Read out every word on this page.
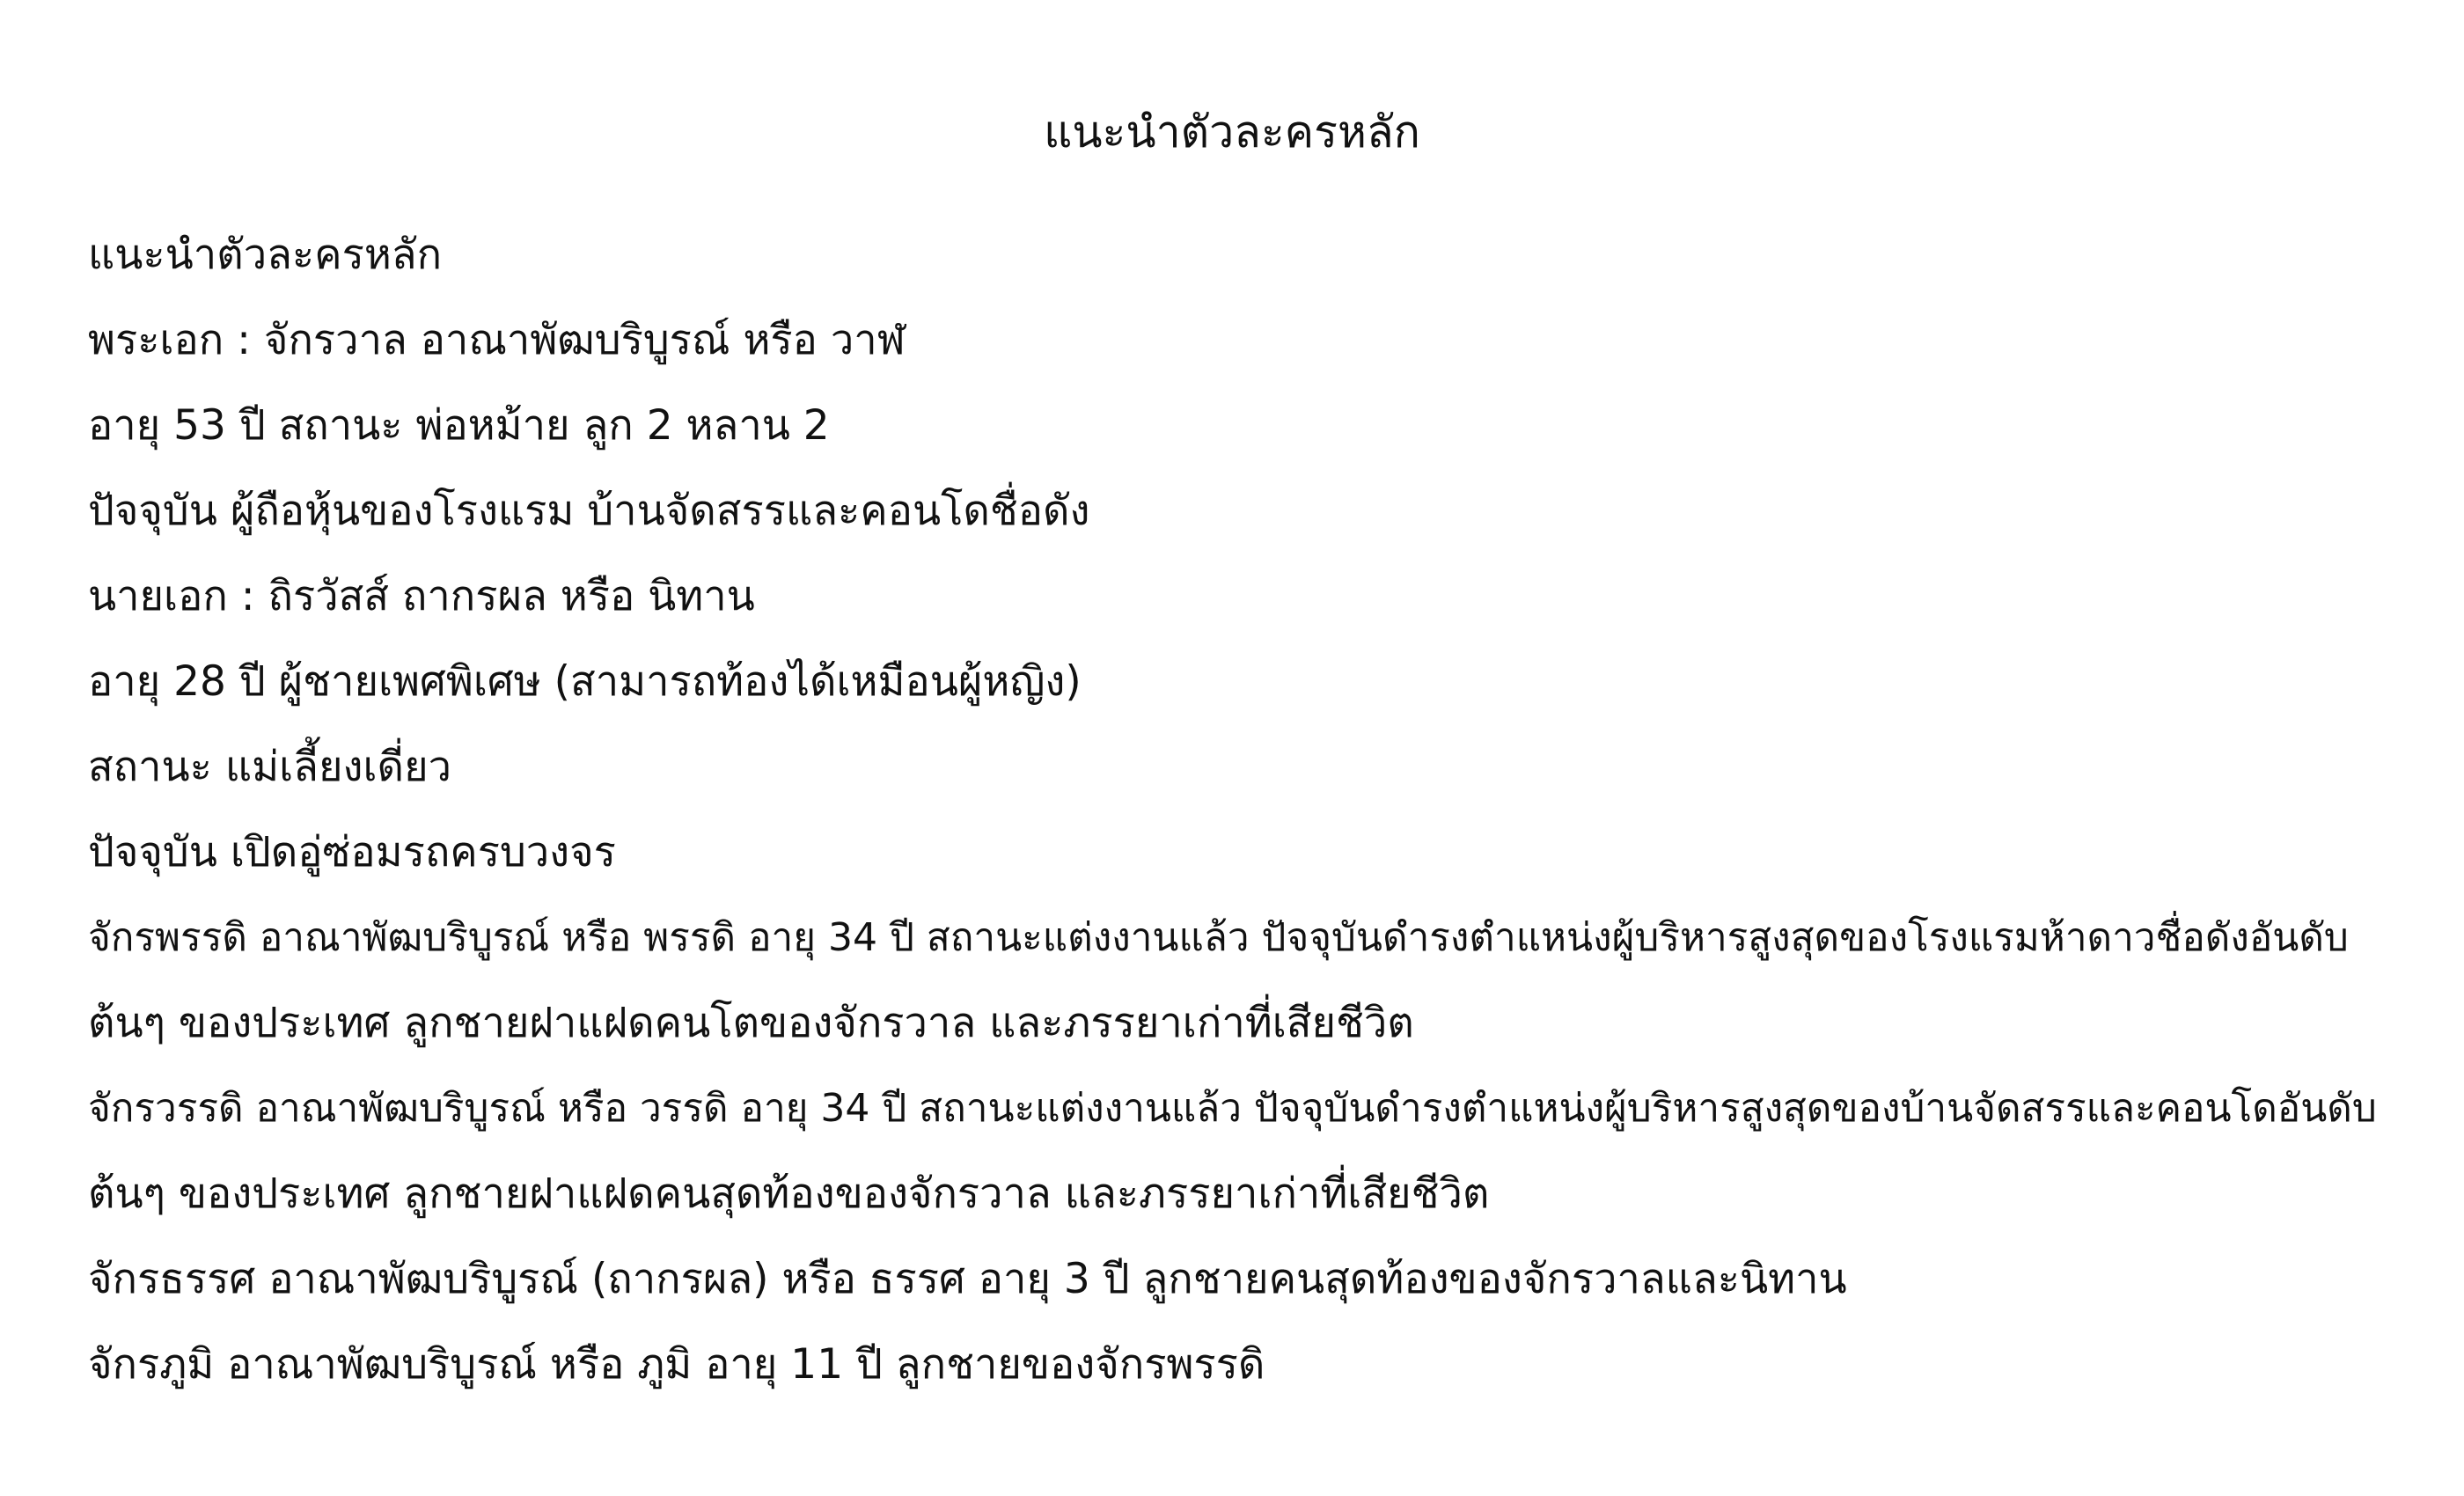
แนะนำตัวละครหลัก

แนะนำตัวละครหลัก

พระเอก : จักรวาล อาณาพัฒบริบูรณ์ หรือ วาฬ

อายุ 53 ปี สถานะ พ่อหม้าย ลูก 2 หลาน 2

ปัจจุบัน ผู้ถือหุ้นของโรงแรม บ้านจัดสรรและคอนโดชื่อดัง

นายเอก : ถิรวัสส์ ถากรผล หรือ นิทาน

อายุ 28 ปี ผู้ชายเพศพิเศษ (สามารถท้องได้เหมือนผู้หญิง)

สถานะ แม่เลี้ยงเดี่ยว

ปัจจุบัน เปิดอู่ซ่อมรถครบวงจร

จักรพรรดิ อาณาพัฒบริบูรณ์ หรือ พรรดิ อายุ 34 ปี สถานะแต่งงานแล้ว ปัจจุบันดำรงตำแหน่งผู้บริหารสูงสุดของโรงแรมห้าดาวชื่อดังอันดับ

ต้นๆ ของประเทศ ลูกชายฝาแฝดคนโตของจักรวาล และภรรยาเก่าที่เสียชีวิต

จักรวรรดิ อาณาพัฒบริบูรณ์ หรือ วรรดิ อายุ 34 ปี สถานะแต่งงานแล้ว ปัจจุบันดำรงตำแหน่งผู้บริหารสูงสุดของบ้านจัดสรรและคอนโดอันดับ

ต้นๆ ของประเทศ ลูกชายฝาแฝดคนสุดท้องของจักรวาล และภรรยาเก่าที่เสียชีวิต

จักรธรรศ อาณาพัฒบริบูรณ์ (ถากรผล) หรือ ธรรศ อายุ 3 ปี ลูกชายคนสุดท้องของจักรวาลและนิทาน

จักรภูมิ อาณาพัฒบริบูรณ์ หรือ ภูมิ อายุ 11 ปี ลูกชายของจักรพรรดิ
